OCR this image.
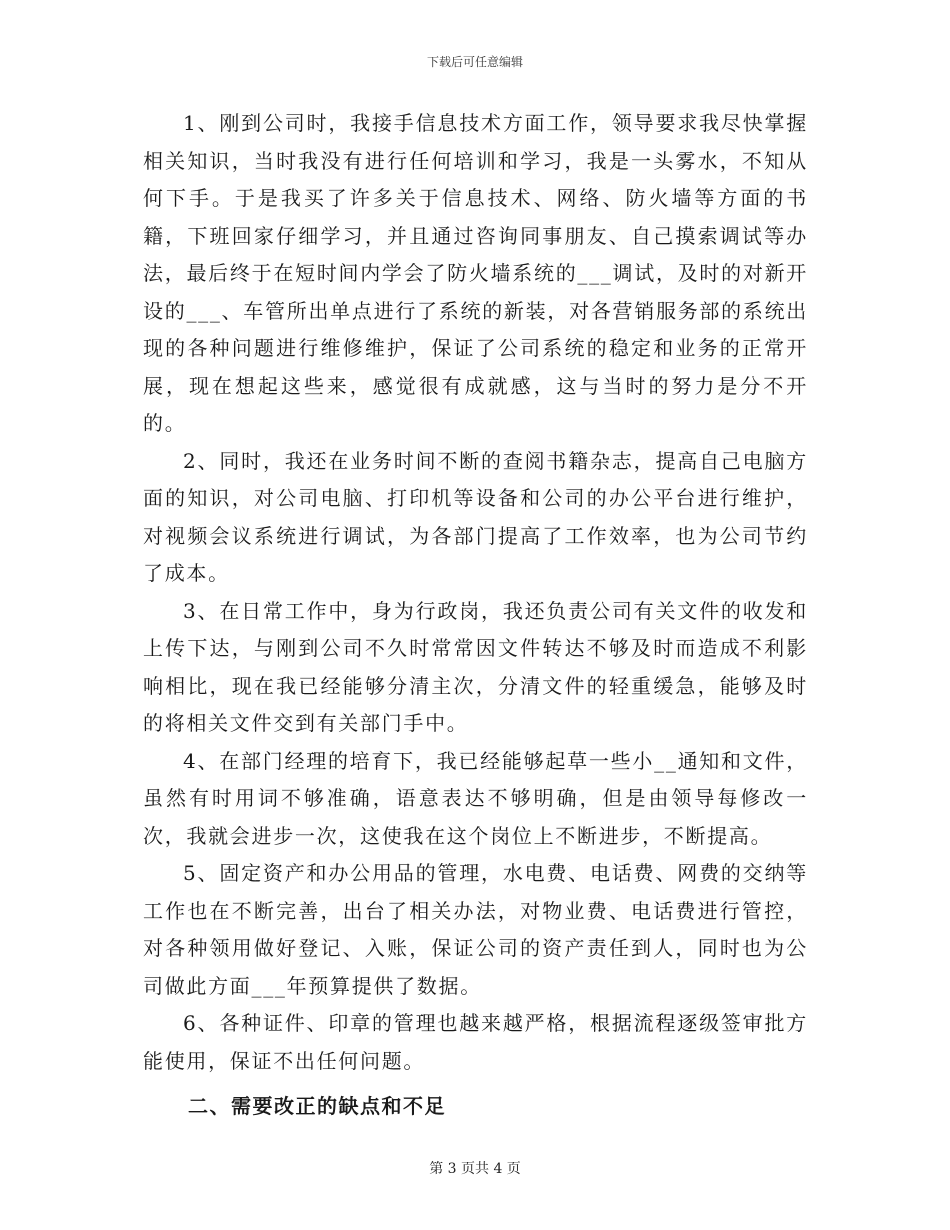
下载后可任意编辑

1、刚到公司时，我接手信息技术方面工作，领导要求我尽快掌握相关知识，当时我没有进行任何培训和学习，我是一头雾水，不知从何下手。于是我买了许多关于信息技术、网络、防火墙等方面的书籍，下班回家仔细学习，并且通过咨询同事朋友、自己摸索调试等办法，最后终于在短时间内学会了防火墙系统的___调试，及时的对新开设的___、车管所出单点进行了系统的新装，对各营销服务部的系统出现的各种问题进行维修维护，保证了公司系统的稳定和业务的正常开展，现在想起这些来，感觉很有成就感，这与当时的努力是分不开的。

2、同时，我还在业务时间不断的查阅书籍杂志，提高自己电脑方面的知识，对公司电脑、打印机等设备和公司的办公平台进行维护，对视频会议系统进行调试，为各部门提高了工作效率，也为公司节约了成本。

3、在日常工作中，身为行政岗，我还负责公司有关文件的收发和上传下达，与刚到公司不久时常常因文件转达不够及时而造成不利影响相比，现在我已经能够分清主次，分清文件的轻重缓急，能够及时的将相关文件交到有关部门手中。

4、在部门经理的培育下，我已经能够起草一些小__通知和文件，虽然有时用词不够准确，语意表达不够明确，但是由领导每修改一次，我就会进步一次，这使我在这个岗位上不断进步，不断提高。

5、固定资产和办公用品的管理，水电费、电话费、网费的交纳等工作也在不断完善，出台了相关办法，对物业费、电话费进行管控，对各种领用做好登记、入账，保证公司的资产责任到人，同时也为公司做此方面___年预算提供了数据。

6、各种证件、印章的管理也越来越严格，根据流程逐级签审批方能使用，保证不出任何问题。

二、需要改正的缺点和不足

第 3 页共 4 页
